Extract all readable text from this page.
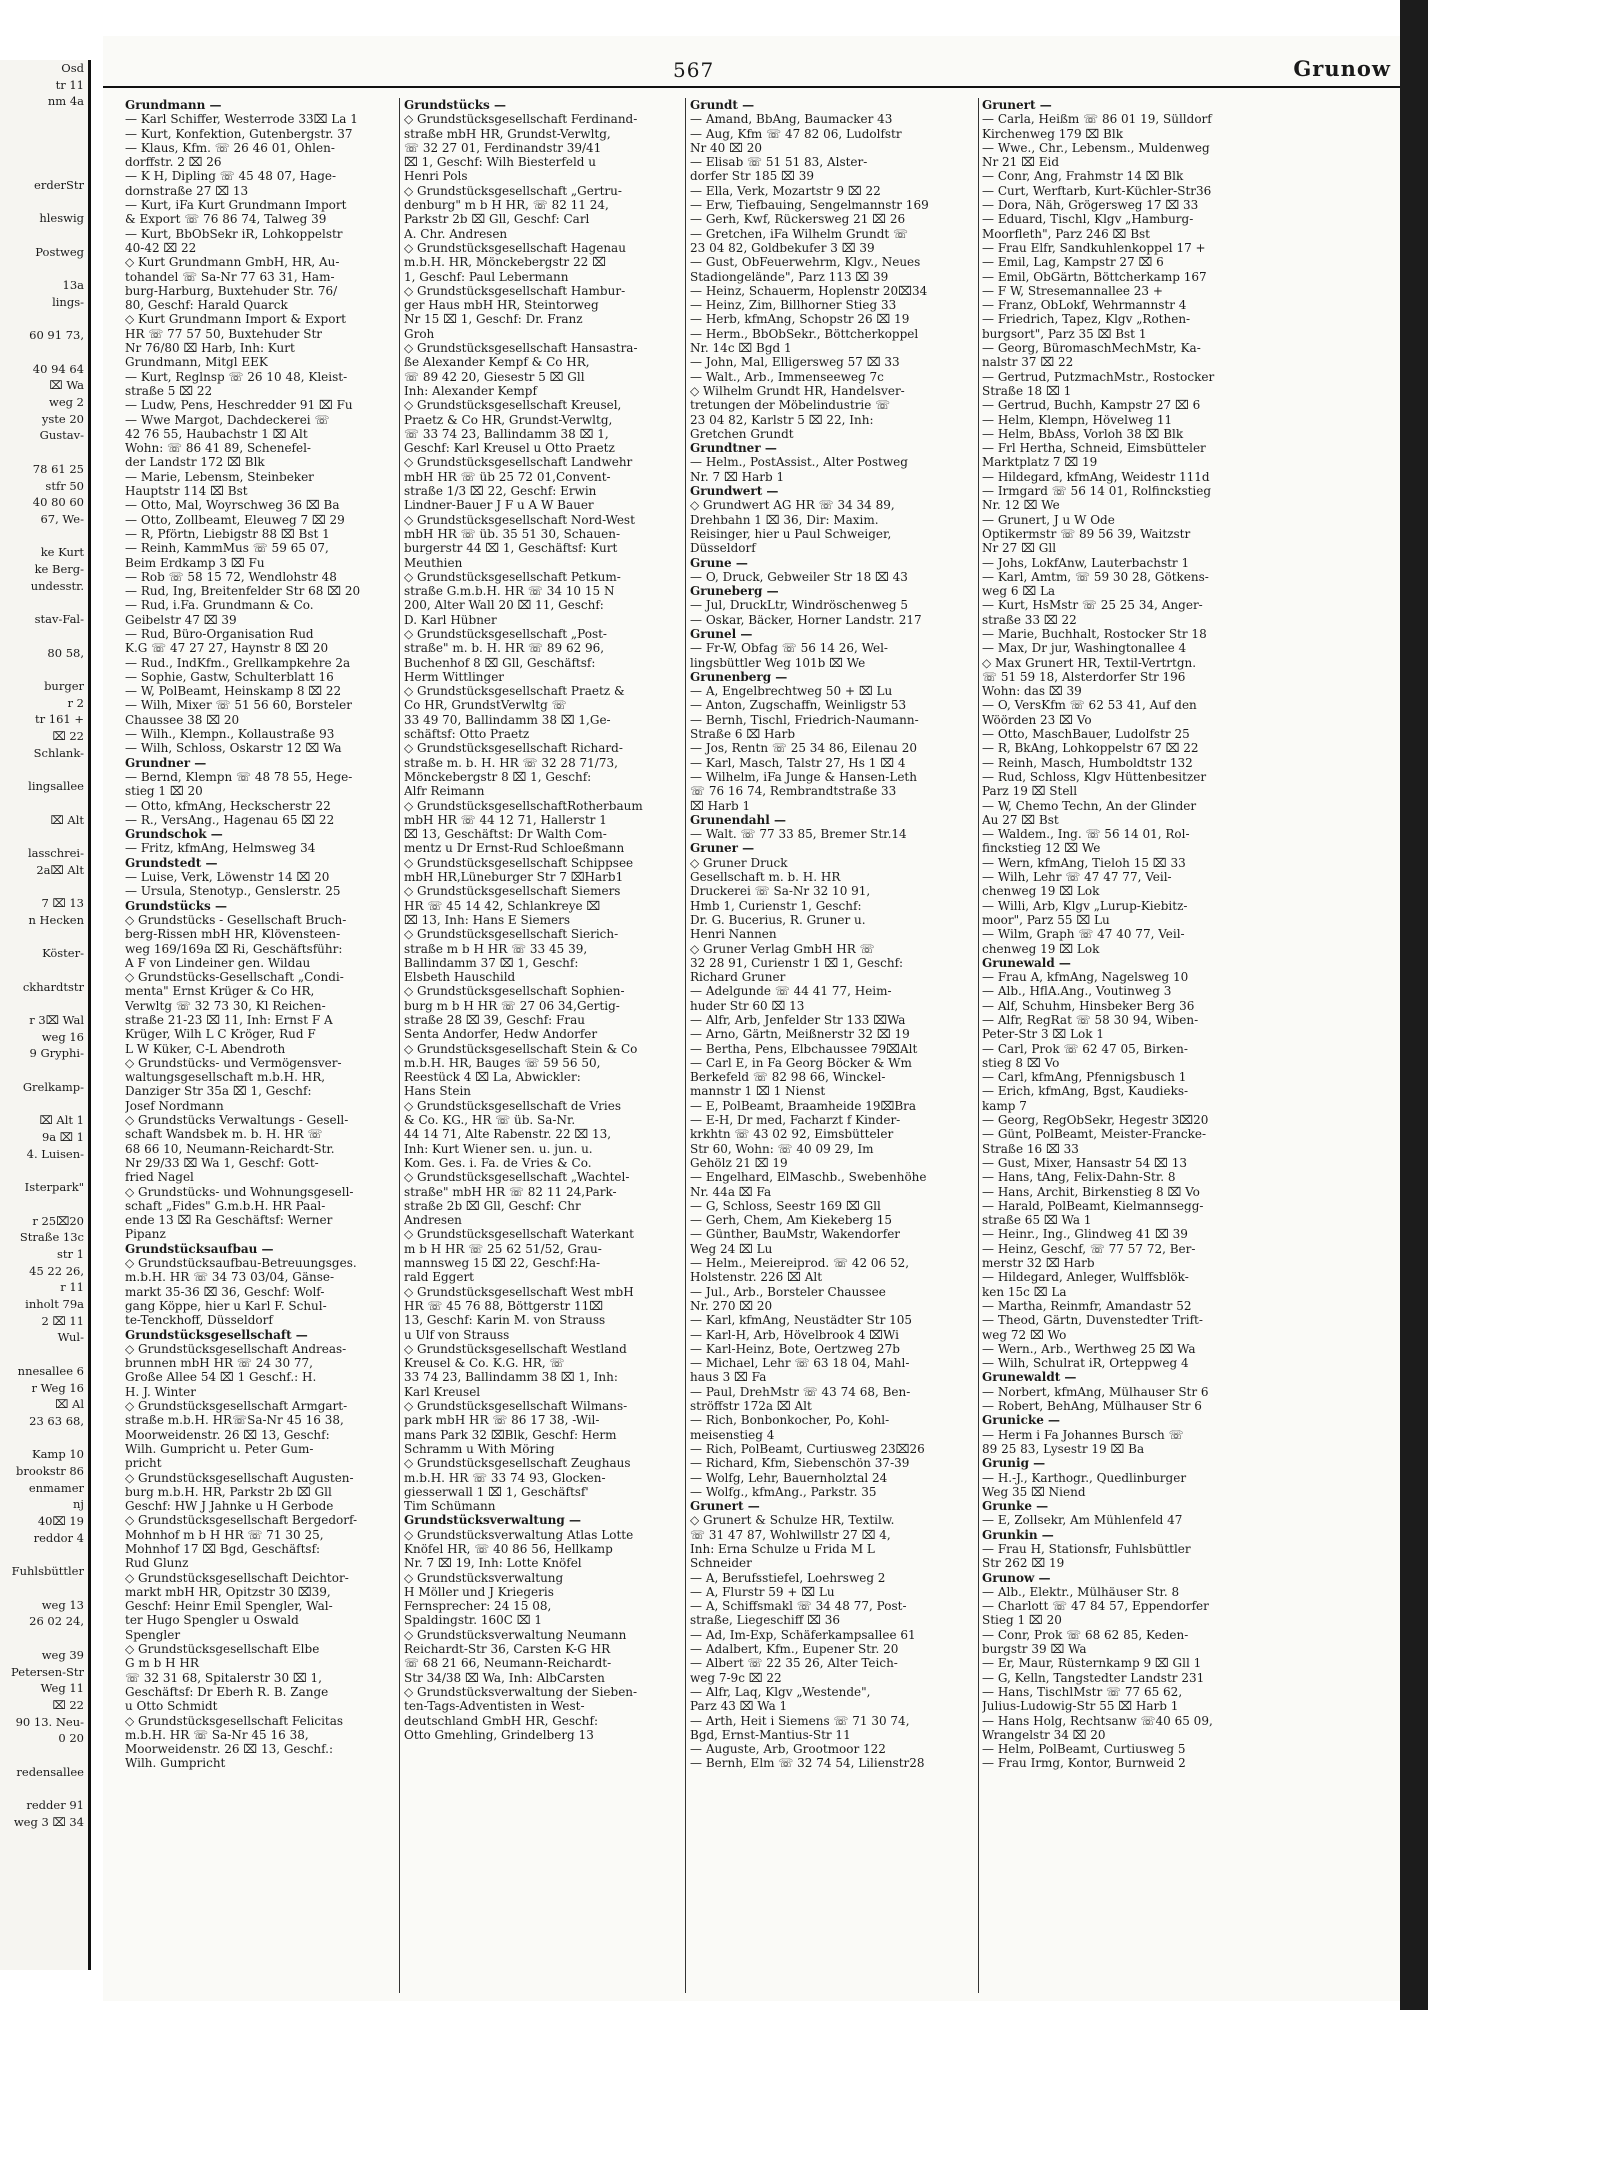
Osd
tr 11
nm 4a

erderStr

hleswig

Postweg

13a
lings-

60 91 73,

40 94 64
⌧ Wa
weg 2
yste 20
Gustav-

78 61 25
stfr 50
40 80 60
67, We-

ke Kurt
ke Berg-
undesstr.

stav-Fal-

80 58,

burger
r 2
tr 161 +
⌧ 22
Schlank-

lingsallee

⌧ Alt

lasschrei-
2a⌧ Alt

7 ⌧ 13
n Hecken

Köster-

ckhardtstr

r 3⌧ Wal
weg 16
9 Gryphi-

Grelkamp-

⌧ Alt 1
9a ⌧ 1
4. Luisen-

Isterpark"

r 25⌧20
Straße 13c
str 1
45 22 26,
r 11
inholt 79a
2 ⌧ 11
Wul-

nnesallee 6
r Weg 16
⌧ Al
23 63 68,

Kamp 10
brookstr 86
enmamer
nj
40⌧ 19
reddor 4

Fuhlsbüttler

weg 13
26 02 24,

weg 39
Petersen-Str
Weg 11
⌧ 22
90 13. Neu-
0 20

redensallee

redder 91
weg 3 ⌧ 34
567	Grunow
Grundmann —
— Karl Schiffer, Westerrode 33⌧ La 1
— Kurt, Konfektion, Gutenbergstr. 37
— Klaus, Kfm. ☏ 26 46 01, Ohlen-
dorffstr. 2 ⌧ 26
— K H, Dipling ☏ 45 48 07, Hage-
dornstraße 27 ⌧ 13
— Kurt, iFa Kurt Grundmann Import
& Export ☏ 76 86 74, Talweg 39
— Kurt, BbObSekr iR, Lohkoppelstr
40-42 ⌧ 22
◇ Kurt Grundmann GmbH, HR, Au-
tohandel ☏ Sa-Nr 77 63 31, Ham-
burg-Harburg, Buxtehuder Str. 76/
80, Geschf: Harald Quarck
◇ Kurt Grundmann Import & Export
HR ☏ 77 57 50, Buxtehuder Str
Nr 76/80 ⌧ Harb, Inh: Kurt
Grundmann, Mitgl EEK
— Kurt, Reglnsp ☏ 26 10 48, Kleist-
straße 5 ⌧ 22
— Ludw, Pens, Heschredder 91 ⌧ Fu
— Wwe Margot, Dachdeckerei ☏
42 76 55, Haubachstr 1 ⌧ Alt
Wohn: ☏ 86 41 89, Schenefel-
der Landstr 172 ⌧ Blk
— Marie, Lebensm, Steinbeker
Hauptstr 114 ⌧ Bst
— Otto, Mal, Woyrschweg 36 ⌧ Ba
— Otto, Zollbeamt, Eleuweg 7 ⌧ 29
— R, Pförtn, Liebigstr 88 ⌧ Bst 1
— Reinh, KammMus ☏ 59 65 07,
Beim Erdkamp 3 ⌧ Fu
— Rob ☏ 58 15 72, Wendlohstr 48
— Rud, Ing, Breitenfelder Str 68 ⌧ 20
— Rud, i.Fa. Grundmann & Co.
Geibelstr 47 ⌧ 39
— Rud, Büro-Organisation Rud
K.G ☏ 47 27 27, Haynstr 8 ⌧ 20
— Rud., IndKfm., Grellkampkehre 2a
— Sophie, Gastw, Schulterblatt 16
— W, PolBeamt, Heinskamp 8 ⌧ 22
— Wilh, Mixer ☏ 51 56 60, Borsteler
Chaussee 38 ⌧ 20
— Wilh., Klempn., Kollaustraße 93
— Wilh, Schloss, Oskarstr 12 ⌧ Wa
Grundner —
— Bernd, Klempn ☏ 48 78 55, Hege-
stieg 1 ⌧ 20
— Otto, kfmAng, Heckscherstr 22
— R., VersAng., Hagenau 65 ⌧ 22
Grundschok —
— Fritz, kfmAng, Helmsweg 34
Grundstedt —
— Luise, Verk, Löwenstr 14 ⌧ 20
— Ursula, Stenotyp., Genslerstr. 25
Grundstücks —
◇ Grundstücks - Gesellschaft Bruch-
berg-Rissen mbH HR, Klövensteen-
weg 169/169a ⌧ Ri, Geschäftsführ:
A F von Lindeiner gen. Wildau
◇ Grundstücks-Gesellschaft „Condi-
menta" Ernst Krüger & Co HR,
Verwltg ☏ 32 73 30, Kl Reichen-
straße 21-23 ⌧ 11, Inh: Ernst F A
Krüger, Wilh L C Kröger, Rud F
L W Küker, C-L Abendroth
◇ Grundstücks- und Vermögensver-
waltungsgesellschaft m.b.H. HR,
Danziger Str 35a ⌧ 1, Geschf:
Josef Nordmann
◇ Grundstücks Verwaltungs - Gesell-
schaft Wandsbek m. b. H. HR ☏
68 66 10, Neumann-Reichardt-Str.
Nr 29/33 ⌧ Wa 1, Geschf: Gott-
fried Nagel
◇ Grundstücks- und Wohnungsgesell-
schaft „Fides" G.m.b.H. HR Paal-
ende 13 ⌧ Ra Geschäftsf: Werner
Pipanz
Grundstücksaufbau —
◇ Grundstücksaufbau-Betreuungsges.
m.b.H. HR ☏ 34 73 03/04, Gänse-
markt 35-36 ⌧ 36, Geschf: Wolf-
gang Köppe, hier u Karl F. Schul-
te-Tenckhoff, Düsseldorf
Grundstücksgesellschaft —
◇ Grundstücksgesellschaft Andreas-
brunnen mbH HR ☏ 24 30 77,
Große Allee 54 ⌧ 1 Geschf.: H.
H. J. Winter
◇ Grundstücksgesellschaft Armgart-
straße m.b.H. HR☏Sa-Nr 45 16 38,
Moorweidenstr. 26 ⌧ 13, Geschf:
Wilh. Gumpricht u. Peter Gum-
pricht
◇ Grundstücksgesellschaft Augusten-
burg m.b.H. HR, Parkstr 2b ⌧ Gll
Geschf: HW J Jahnke u H Gerbode
◇ Grundstücksgesellschaft Bergedorf-
Mohnhof m b H HR ☏ 71 30 25,
Mohnhof 17 ⌧ Bgd, Geschäftsf:
Rud Glunz
◇ Grundstücksgesellschaft Deichtor-
markt mbH HR, Opitzstr 30 ⌧39,
Geschf: Heinr Emil Spengler, Wal-
ter Hugo Spengler u Oswald
Spengler
◇ Grundstücksgesellschaft Elbe
G m b H HR
☏ 32 31 68, Spitalerstr 30 ⌧ 1,
Geschäftsf: Dr Eberh R. B. Zange
u Otto Schmidt
◇ Grundstücksgesellschaft Felicitas
m.b.H. HR ☏ Sa-Nr 45 16 38,
Moorweidenstr. 26 ⌧ 13, Geschf.:
Wilh. Gumpricht
Grundstücks —
◇ Grundstücksgesellschaft Ferdinand-
straße mbH HR, Grundst-Verwltg,
☏ 32 27 01, Ferdinandstr 39/41
⌧ 1, Geschf: Wilh Biesterfeld u
Henri Pols
◇ Grundstücksgesellschaft „Gertru-
denburg" m b H HR, ☏ 82 11 24,
Parkstr 2b ⌧ Gll, Geschf: Carl
A. Chr. Andresen
◇ Grundstücksgesellschaft Hagenau
m.b.H. HR, Mönckebergstr 22 ⌧
1, Geschf: Paul Lebermann
◇ Grundstücksgesellschaft Hambur-
ger Haus mbH HR, Steintorweg
Nr 15 ⌧ 1, Geschf: Dr. Franz
Groh
◇ Grundstücksgesellschaft Hansastra-
ße Alexander Kempf & Co HR,
☏ 89 42 20, Giesestr 5 ⌧ Gll
Inh: Alexander Kempf
◇ Grundstücksgesellschaft Kreusel,
Praetz & Co HR, Grundst-Verwltg,
☏ 33 74 23, Ballindamm 38 ⌧ 1,
Geschf: Karl Kreusel u Otto Praetz
◇ Grundstücksgesellschaft Landwehr
mbH HR ☏ üb 25 72 01,Convent-
straße 1/3 ⌧ 22, Geschf: Erwin
Lindner-Bauer J F u A W Bauer
◇ Grundstücksgesellschaft Nord-West
mbH HR ☏ üb. 35 51 30, Schauen-
burgerstr 44 ⌧ 1, Geschäftsf: Kurt
Meuthien
◇ Grundstücksgesellschaft Petkum-
straße G.m.b.H. HR ☏ 34 10 15 N
200, Alter Wall 20 ⌧ 11, Geschf:
D. Karl Hübner
◇ Grundstücksgesellschaft „Post-
straße" m. b. H. HR ☏ 89 62 96,
Buchenhof 8 ⌧ Gll, Geschäftsf:
Herm Wittlinger
◇ Grundstücksgesellschaft Praetz &
Co HR, GrundstVerwltg ☏
33 49 70, Ballindamm 38 ⌧ 1,Ge-
schäftsf: Otto Praetz
◇ Grundstücksgesellschaft Richard-
straße m. b. H. HR ☏ 32 28 71/73,
Mönckebergstr 8 ⌧ 1, Geschf:
Alfr Reimann
◇ GrundstücksgesellschaftRotherbaum
mbH HR ☏ 44 12 71, Hallerstr 1
⌧ 13, Geschäftst: Dr Walth Com-
mentz u Dr Ernst-Rud Schloeßmann
◇ Grundstücksgesellschaft Schippsee
mbH HR,Lüneburger Str 7 ⌧Harb1
◇ Grundstücksgesellschaft Siemers
HR ☏ 45 14 42, Schlankreye ⌧
⌧ 13, Inh: Hans E Siemers
◇ Grundstücksgesellschaft Sierich-
straße m b H HR ☏ 33 45 39,
Ballindamm 37 ⌧ 1, Geschf:
Elsbeth Hauschild
◇ Grundstücksgesellschaft Sophien-
burg m b H HR ☏ 27 06 34,Gertig-
straße 28 ⌧ 39, Geschf: Frau
Senta Andorfer, Hedw Andorfer
◇ Grundstücksgesellschaft Stein & Co
m.b.H. HR, Bauges ☏ 59 56 50,
Reestück 4 ⌧ La, Abwickler:
Hans Stein
◇ Grundstücksgesellschaft de Vries
& Co. KG., HR ☏ üb. Sa-Nr.
44 14 71, Alte Rabenstr. 22 ⌧ 13,
Inh: Kurt Wiener sen. u. jun. u.
Kom. Ges. i. Fa. de Vries & Co.
◇ Grundstücksgesellschaft „Wachtel-
straße" mbH HR ☏ 82 11 24,Park-
straße 2b ⌧ Gll, Geschf: Chr
Andresen
◇ Grundstücksgesellschaft Waterkant
m b H HR ☏ 25 62 51/52, Grau-
mannsweg 15 ⌧ 22, Geschf:Ha-
rald Eggert
◇ Grundstücksgesellschaft West mbH
HR ☏ 45 76 88, Böttgerstr 11⌧
13, Geschf: Karin M. von Strauss
u Ulf von Strauss
◇ Grundstücksgesellschaft Westland
Kreusel & Co. K.G. HR, ☏
33 74 23, Ballindamm 38 ⌧ 1, Inh:
Karl Kreusel
◇ Grundstücksgesellschaft Wilmans-
park mbH HR ☏ 86 17 38, -Wil-
mans Park 32 ⌧Blk, Geschf: Herm
Schramm u With Möring
◇ Grundstücksgesellschaft Zeughaus
m.b.H. HR ☏ 33 74 93, Glocken-
giesserwall 1 ⌧ 1, Geschäftsf'
Tim Schümann
Grundstücksverwaltung —
◇ Grundstücksverwaltung Atlas Lotte
Knöfel HR, ☏ 40 86 56, Hellkamp
Nr. 7 ⌧ 19, Inh: Lotte Knöfel
◇ Grundstücksverwaltung
H Möller und J Kriegeris
Fernsprecher: 24 15 08,
Spaldingstr. 160C ⌧ 1
◇ Grundstücksverwaltung Neumann
Reichardt-Str 36, Carsten K-G HR
☏ 68 21 66, Neumann-Reichardt-
Str 34/38 ⌧ Wa, Inh: AlbCarsten
◇ Grundstücksverwaltung der Sieben-
ten-Tags-Adventisten in West-
deutschland GmbH HR, Geschf:
Otto Gmehling, Grindelberg 13
Grundt —
— Amand, BbAng, Baumacker 43
— Aug, Kfm ☏ 47 82 06, Ludolfstr
Nr 40 ⌧ 20
— Elisab ☏ 51 51 83, Alster-
dorfer Str 185 ⌧ 39
— Ella, Verk, Mozartstr 9 ⌧ 22
— Erw, Tiefbauing, Sengelmannstr 169
— Gerh, Kwf, Rückersweg 21 ⌧ 26
— Gretchen, iFa Wilhelm Grundt ☏
23 04 82, Goldbekufer 3 ⌧ 39
— Gust, ObFeuerwehrm, Klgv., Neues
Stadiongelände", Parz 113 ⌧ 39
— Heinz, Schauerm, Hoplenstr 20⌧34
— Heinz, Zim, Billhorner Stieg 33
— Herb, kfmAng, Schopstr 26 ⌧ 19
— Herm., BbObSekr., Böttcherkoppel
Nr. 14c ⌧ Bgd 1
— John, Mal, Elligersweg 57 ⌧ 33
— Walt., Arb., Immenseeweg 7c
◇ Wilhelm Grundt HR, Handelsver-
tretungen der Möbelindustrie ☏
23 04 82, Karlstr 5 ⌧ 22, Inh:
Gretchen Grundt
Grundtner —
— Helm., PostAssist., Alter Postweg
Nr. 7 ⌧ Harb 1
Grundwert —
◇ Grundwert AG HR ☏ 34 34 89,
Drehbahn 1 ⌧ 36, Dir: Maxim.
Reisinger, hier u Paul Schweiger,
Düsseldorf
Grune —
— O, Druck, Gebweiler Str 18 ⌧ 43
Gruneberg —
— Jul, DruckLtr, Windröschenweg 5
— Oskar, Bäcker, Horner Landstr. 217
Grunel —
— Fr-W, Obfag ☏ 56 14 26, Wel-
lingsbüttler Weg 101b ⌧ We
Grunenberg —
— A, Engelbrechtweg 50 + ⌧ Lu
— Anton, Zugschaffn, Weinligstr 53
— Bernh, Tischl, Friedrich-Naumann-
Straße 6 ⌧ Harb
— Jos, Rentn ☏ 25 34 86, Eilenau 20
— Karl, Masch, Talstr 27, Hs 1 ⌧ 4
— Wilhelm, iFa Junge & Hansen-Leth
☏ 76 16 74, Rembrandtstraße 33
⌧ Harb 1
Grunendahl —
— Walt. ☏ 77 33 85, Bremer Str.14
Gruner —
◇ Gruner Druck
Gesellschaft m. b. H. HR
Druckerei ☏ Sa-Nr 32 10 91,
Hmb 1, Curienstr 1, Geschf:
Dr. G. Bucerius, R. Gruner u.
Henri Nannen
◇ Gruner Verlag GmbH HR ☏
32 28 91, Curienstr 1 ⌧ 1, Geschf:
Richard Gruner
— Adelgunde ☏ 44 41 77, Heim-
huder Str 60 ⌧ 13
— Alfr, Arb, Jenfelder Str 133 ⌧Wa
— Arno, Gärtn, Meißnerstr 32 ⌧ 19
— Bertha, Pens, Elbchaussee 79⌧Alt
— Carl E, in Fa Georg Böcker & Wm
Berkefeld ☏ 82 98 66, Winckel-
mannstr 1 ⌧ 1 Nienst
— E, PolBeamt, Braamheide 19⌧Bra
— E-H, Dr med, Facharzt f Kinder-
krkhtn ☏ 43 02 92, Eimsbütteler
Str 60, Wohn: ☏ 40 09 29, Im
Gehölz 21 ⌧ 19
— Engelhard, ElMaschb., Swebenhöhe
Nr. 44a ⌧ Fa
— G, Schloss, Seestr 169 ⌧ Gll
— Gerh, Chem, Am Kiekeberg 15
— Günther, BauMstr, Wakendorfer
Weg 24 ⌧ Lu
— Helm., Meiereiprod. ☏ 42 06 52,
Holstenstr. 226 ⌧ Alt
— Jul., Arb., Borsteler Chaussee
Nr. 270 ⌧ 20
— Karl, kfmAng, Neustädter Str 105
— Karl-H, Arb, Hövelbrook 4 ⌧Wi
— Karl-Heinz, Bote, Oertzweg 27b
— Michael, Lehr ☏ 63 18 04, Mahl-
haus 3 ⌧ Fa
— Paul, DrehMstr ☏ 43 74 68, Ben-
ströffstr 172a ⌧ Alt
— Rich, Bonbonkocher, Po, Kohl-
meisenstieg 4
— Rich, PolBeamt, Curtiusweg 23⌧26
— Richard, Kfm, Siebenschön 37-39
— Wolfg, Lehr, Bauernholztal 24
— Wolfg., kfmAng., Parkstr. 35
Grunert —
◇ Grunert & Schulze HR, Textilw.
☏ 31 47 87, Wohlwillstr 27 ⌧ 4,
Inh: Erna Schulze u Frida M L
Schneider
— A, Berufsstiefel, Loehrsweg 2
— A, Flurstr 59 + ⌧ Lu
— A, Schiffsmakl ☏ 34 48 77, Post-
straße, Liegeschiff ⌧ 36
— Ad, Im-Exp, Schäferkampsallee 61
— Adalbert, Kfm., Eupener Str. 20
— Albert ☏ 22 35 26, Alter Teich-
weg 7-9c ⌧ 22
— Alfr, Laq, Klgv „Westende",
Parz 43 ⌧ Wa 1
— Arth, Heit i Siemens ☏ 71 30 74,
Bgd, Ernst-Mantius-Str 11
— Auguste, Arb, Grootmoor 122
— Bernh, Elm ☏ 32 74 54, Lilienstr28
Grunert —
— Carla, Heißm ☏ 86 01 19, Sülldorf
Kirchenweg 179 ⌧ Blk
— Wwe., Chr., Lebensm., Muldenweg
Nr 21 ⌧ Eid
— Conr, Ang, Frahmstr 14 ⌧ Blk
— Curt, Werftarb, Kurt-Küchler-Str36
— Dora, Näh, Grögersweg 17 ⌧ 33
— Eduard, Tischl, Klgv „Hamburg-
Moorfleth", Parz 246 ⌧ Bst
— Frau Elfr, Sandkuhlenkoppel 17 +
— Emil, Lag, Kampstr 27 ⌧ 6
— Emil, ObGärtn, Böttcherkamp 167
— F W, Stresemannallee 23 +
— Franz, ObLokf, Wehrmannstr 4
— Friedrich, Tapez, Klgv „Rothen-
burgsort", Parz 35 ⌧ Bst 1
— Georg, BüromaschMechMstr, Ka-
nalstr 37 ⌧ 22
— Gertrud, PutzmachMstr., Rostocker
Straße 18 ⌧ 1
— Gertrud, Buchh, Kampstr 27 ⌧ 6
— Helm, Klempn, Hövelweg 11
— Helm, BbAss, Vorloh 38 ⌧ Blk
— Frl Hertha, Schneid, Eimsbütteler
Marktplatz 7 ⌧ 19
— Hildegard, kfmAng, Weidestr 111d
— Irmgard ☏ 56 14 01, Rolfinckstieg
Nr. 12 ⌧ We
— Grunert, J u W Ode
Optikermstr ☏ 89 56 39, Waitzstr
Nr 27 ⌧ Gll
— Johs, LokfAnw, Lauterbachstr 1
— Karl, Amtm, ☏ 59 30 28, Götkens-
weg 6 ⌧ La
— Kurt, HsMstr ☏ 25 25 34, Anger-
straße 33 ⌧ 22
— Marie, Buchhalt, Rostocker Str 18
— Max, Dr jur, Washingtonallee 4
◇ Max Grunert HR, Textil-Vertrtgn.
☏ 51 59 18, Alsterdorfer Str 196
Wohn: das ⌧ 39
— O, VersKfm ☏ 62 53 41, Auf den
Wöörden 23 ⌧ Vo
— Otto, MaschBauer, Ludolfstr 25
— R, BkAng, Lohkoppelstr 67 ⌧ 22
— Reinh, Masch, Humboldtstr 132
— Rud, Schloss, Klgv Hüttenbesitzer
Parz 19 ⌧ Stell
— W, Chemo Techn, An der Glinder
Au 27 ⌧ Bst
— Waldem., Ing. ☏ 56 14 01, Rol-
finckstieg 12 ⌧ We
— Wern, kfmAng, Tieloh 15 ⌧ 33
— Wilh, Lehr ☏ 47 47 77, Veil-
chenweg 19 ⌧ Lok
— Willi, Arb, Klgv „Lurup-Kiebitz-
moor", Parz 55 ⌧ Lu
— Wilm, Graph ☏ 47 40 77, Veil-
chenweg 19 ⌧ Lok
Grunewald —
— Frau A, kfmAng, Nagelsweg 10
— Alb., HflA.Ang., Voutinweg 3
— Alf, Schuhm, Hinsbeker Berg 36
— Alfr, RegRat ☏ 58 30 94, Wiben-
Peter-Str 3 ⌧ Lok 1
— Carl, Prok ☏ 62 47 05, Birken-
stieg 8 ⌧ Vo
— Carl, kfmAng, Pfennigsbusch 1
— Erich, kfmAng, Bgst, Kaudieks-
kamp 7
— Georg, RegObSekr, Hegestr 3⌧20
— Günt, PolBeamt, Meister-Francke-
Straße 16 ⌧ 33
— Gust, Mixer, Hansastr 54 ⌧ 13
— Hans, tAng, Felix-Dahn-Str. 8
— Hans, Archit, Birkenstieg 8 ⌧ Vo
— Harald, PolBeamt, Kielmannsegg-
straße 65 ⌧ Wa 1
— Heinr., Ing., Glindweg 41 ⌧ 39
— Heinz, Geschf, ☏ 77 57 72, Ber-
merstr 32 ⌧ Harb
— Hildegard, Anleger, Wulffsblök-
ken 15c ⌧ La
— Martha, Reinmfr, Amandastr 52
— Theod, Gärtn, Duvenstedter Trift-
weg 72 ⌧ Wo
— Wern., Arb., Werthweg 25 ⌧ Wa
— Wilh, Schulrat iR, Orteppweg 4
Grunewaldt —
— Norbert, kfmAng, Mülhauser Str 6
— Robert, BehAng, Mülhauser Str 6
Grunicke —
— Herm i Fa Johannes Bursch ☏
89 25 83, Lysestr 19 ⌧ Ba
Grunig —
— H.-J., Karthogr., Quedlinburger
Weg 35 ⌧ Niend
Grunke —
— E, Zollsekr, Am Mühlenfeld 47
Grunkin —
— Frau H, Stationsfr, Fuhlsbüttler
Str 262 ⌧ 19
Grunow —
— Alb., Elektr., Mülhäuser Str. 8
— Charlott ☏ 47 84 57, Eppendorfer
Stieg 1 ⌧ 20
— Conr, Prok ☏ 68 62 85, Keden-
burgstr 39 ⌧ Wa
— Er, Maur, Rüsternkamp 9 ⌧ Gll 1
— G, Kelln, Tangstedter Landstr 231
— Hans, TischlMstr ☏ 77 65 62,
Julius-Ludowig-Str 55 ⌧ Harb 1
— Hans Holg, Rechtsanw ☏40 65 09,
Wrangelstr 34 ⌧ 20
— Helm, PolBeamt, Curtiusweg 5
— Frau Irmg, Kontor, Burnweid 2
